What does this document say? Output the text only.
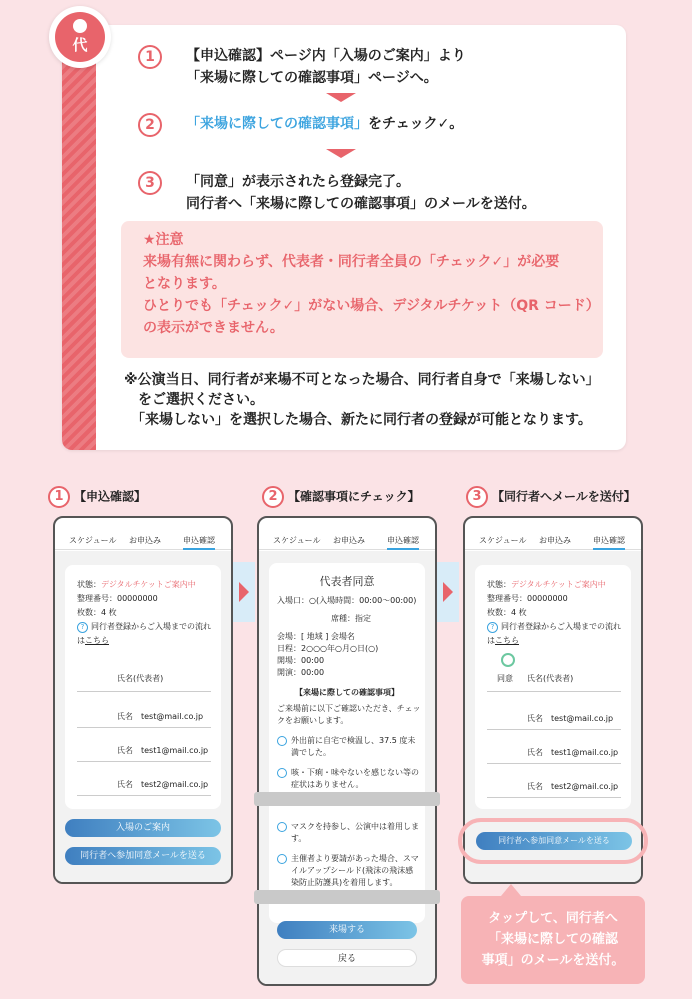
1	【申込確認】ページ内「入場のご案内」より
「来場に際しての確認事項」ページへ。
2	「来場に際しての確認事項」をチェック✓。
3	「同意」が表示されたら登録完了。
同行者へ「来場に際しての確認事項」のメールを送付。
★注意
来場有無に関わらず、代表者・同行者全員の「チェック✓」が必要
となります。
ひとりでも「チェック✓」がない場合、デジタルチケット（QR コード）
の表示ができません。
※公演当日、同行者が来場不可となった場合、同行者自身で「来場しない」
　をご選択ください。
　「来場しない」を選択した場合、新たに同行者の登録が可能となります。
代
1 【申込確認】	2 【確認事項にチェック】	3 【同行者へメールを送付】
スケジュール お申込み	申込確認
状態：デジタルチケットご案内中
整理番号：00000000
枚数：4 枚
? 同行者登録からご入場までの流れ
はこちら
氏名(代表者)
氏名　test@mail.co.jp
氏名　test1@mail.co.jp
氏名　test2@mail.co.jp
入場のご案内
同行者へ参加同意メールを送る
スケジュール お申込み	申込確認
代表者同意
入場口：○(入場時間：00:00～00:00)
席種：指定
会場：[ 地域 ] 会場名
日程：2○○○年○月○日(○)
開場：00:00
開演：00:00
【来場に際しての確認事項】
ご来場前に以下ご確認いただき、チェッ
クをお願いします。
外出前に自宅で検温し、37.5 度未
満でした。
咳・下痢・味やないを感じない等の
症状はありません。
マスクを持参し、公演中は着用しま
す。
主催者より要請があった場合、スマ
イルアップシールド(飛沫の飛沫感
染防止防護具)を着用します。
来場する
戻る
スケジュール お申込み	申込確認
状態：デジタルチケットご案内中
整理番号：00000000
枚数：4 枚
? 同行者登録からご入場までの流れ
はこちら
同意 氏名(代表者)
氏名　test@mail.co.jp
氏名　test1@mail.co.jp
氏名　test2@mail.co.jp
同行者へ参加同意メールを送る
タップして、同行者へ
「来場に際しての確認
事項」のメールを送付。
